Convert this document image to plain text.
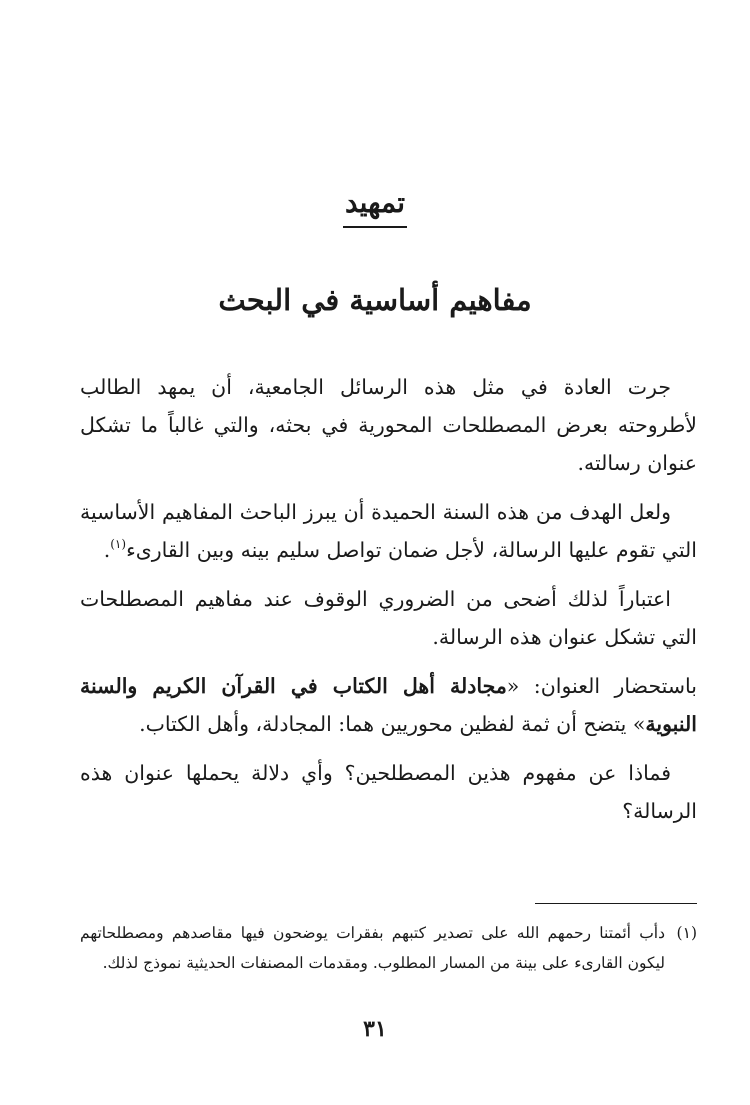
تمهيد
مفاهيم أساسية في البحث

جرت العادة في مثل هذه الرسائل الجامعية، أن يمهد الطالب لأطروحته بعرض المصطلحات المحورية في بحثه، والتي غالباً ما تشكل عنوان رسالته.

ولعل الهدف من هذه السنة الحميدة أن يبرز الباحث المفاهيم الأساسية التي تقوم عليها الرسالة، لأجل ضمان تواصل سليم بينه وبين القارىء$^{(١)}$.

اعتباراً لذلك أضحى من الضروري الوقوف عند مفاهيم المصطلحات التي تشكل عنوان هذه الرسالة.

باستحضار العنوان: «مجادلة أهل الكتاب في القرآن الكريم والسنة النبوية» يتضح أن ثمة لفظين محوريين هما: المجادلة، وأهل الكتاب.

فماذا عن مفهوم هذين المصطلحين؟ وأي دلالة يحملها عنوان هذه الرسالة؟

(١)
دأب أئمتنا رحمهم الله على تصدير كتبهم بفقرات يوضحون فيها مقاصدهم ومصطلحاتهم ليكون القارىء على بينة من المسار المطلوب. ومقدمات المصنفات الحديثية نموذج لذلك.
٣١
